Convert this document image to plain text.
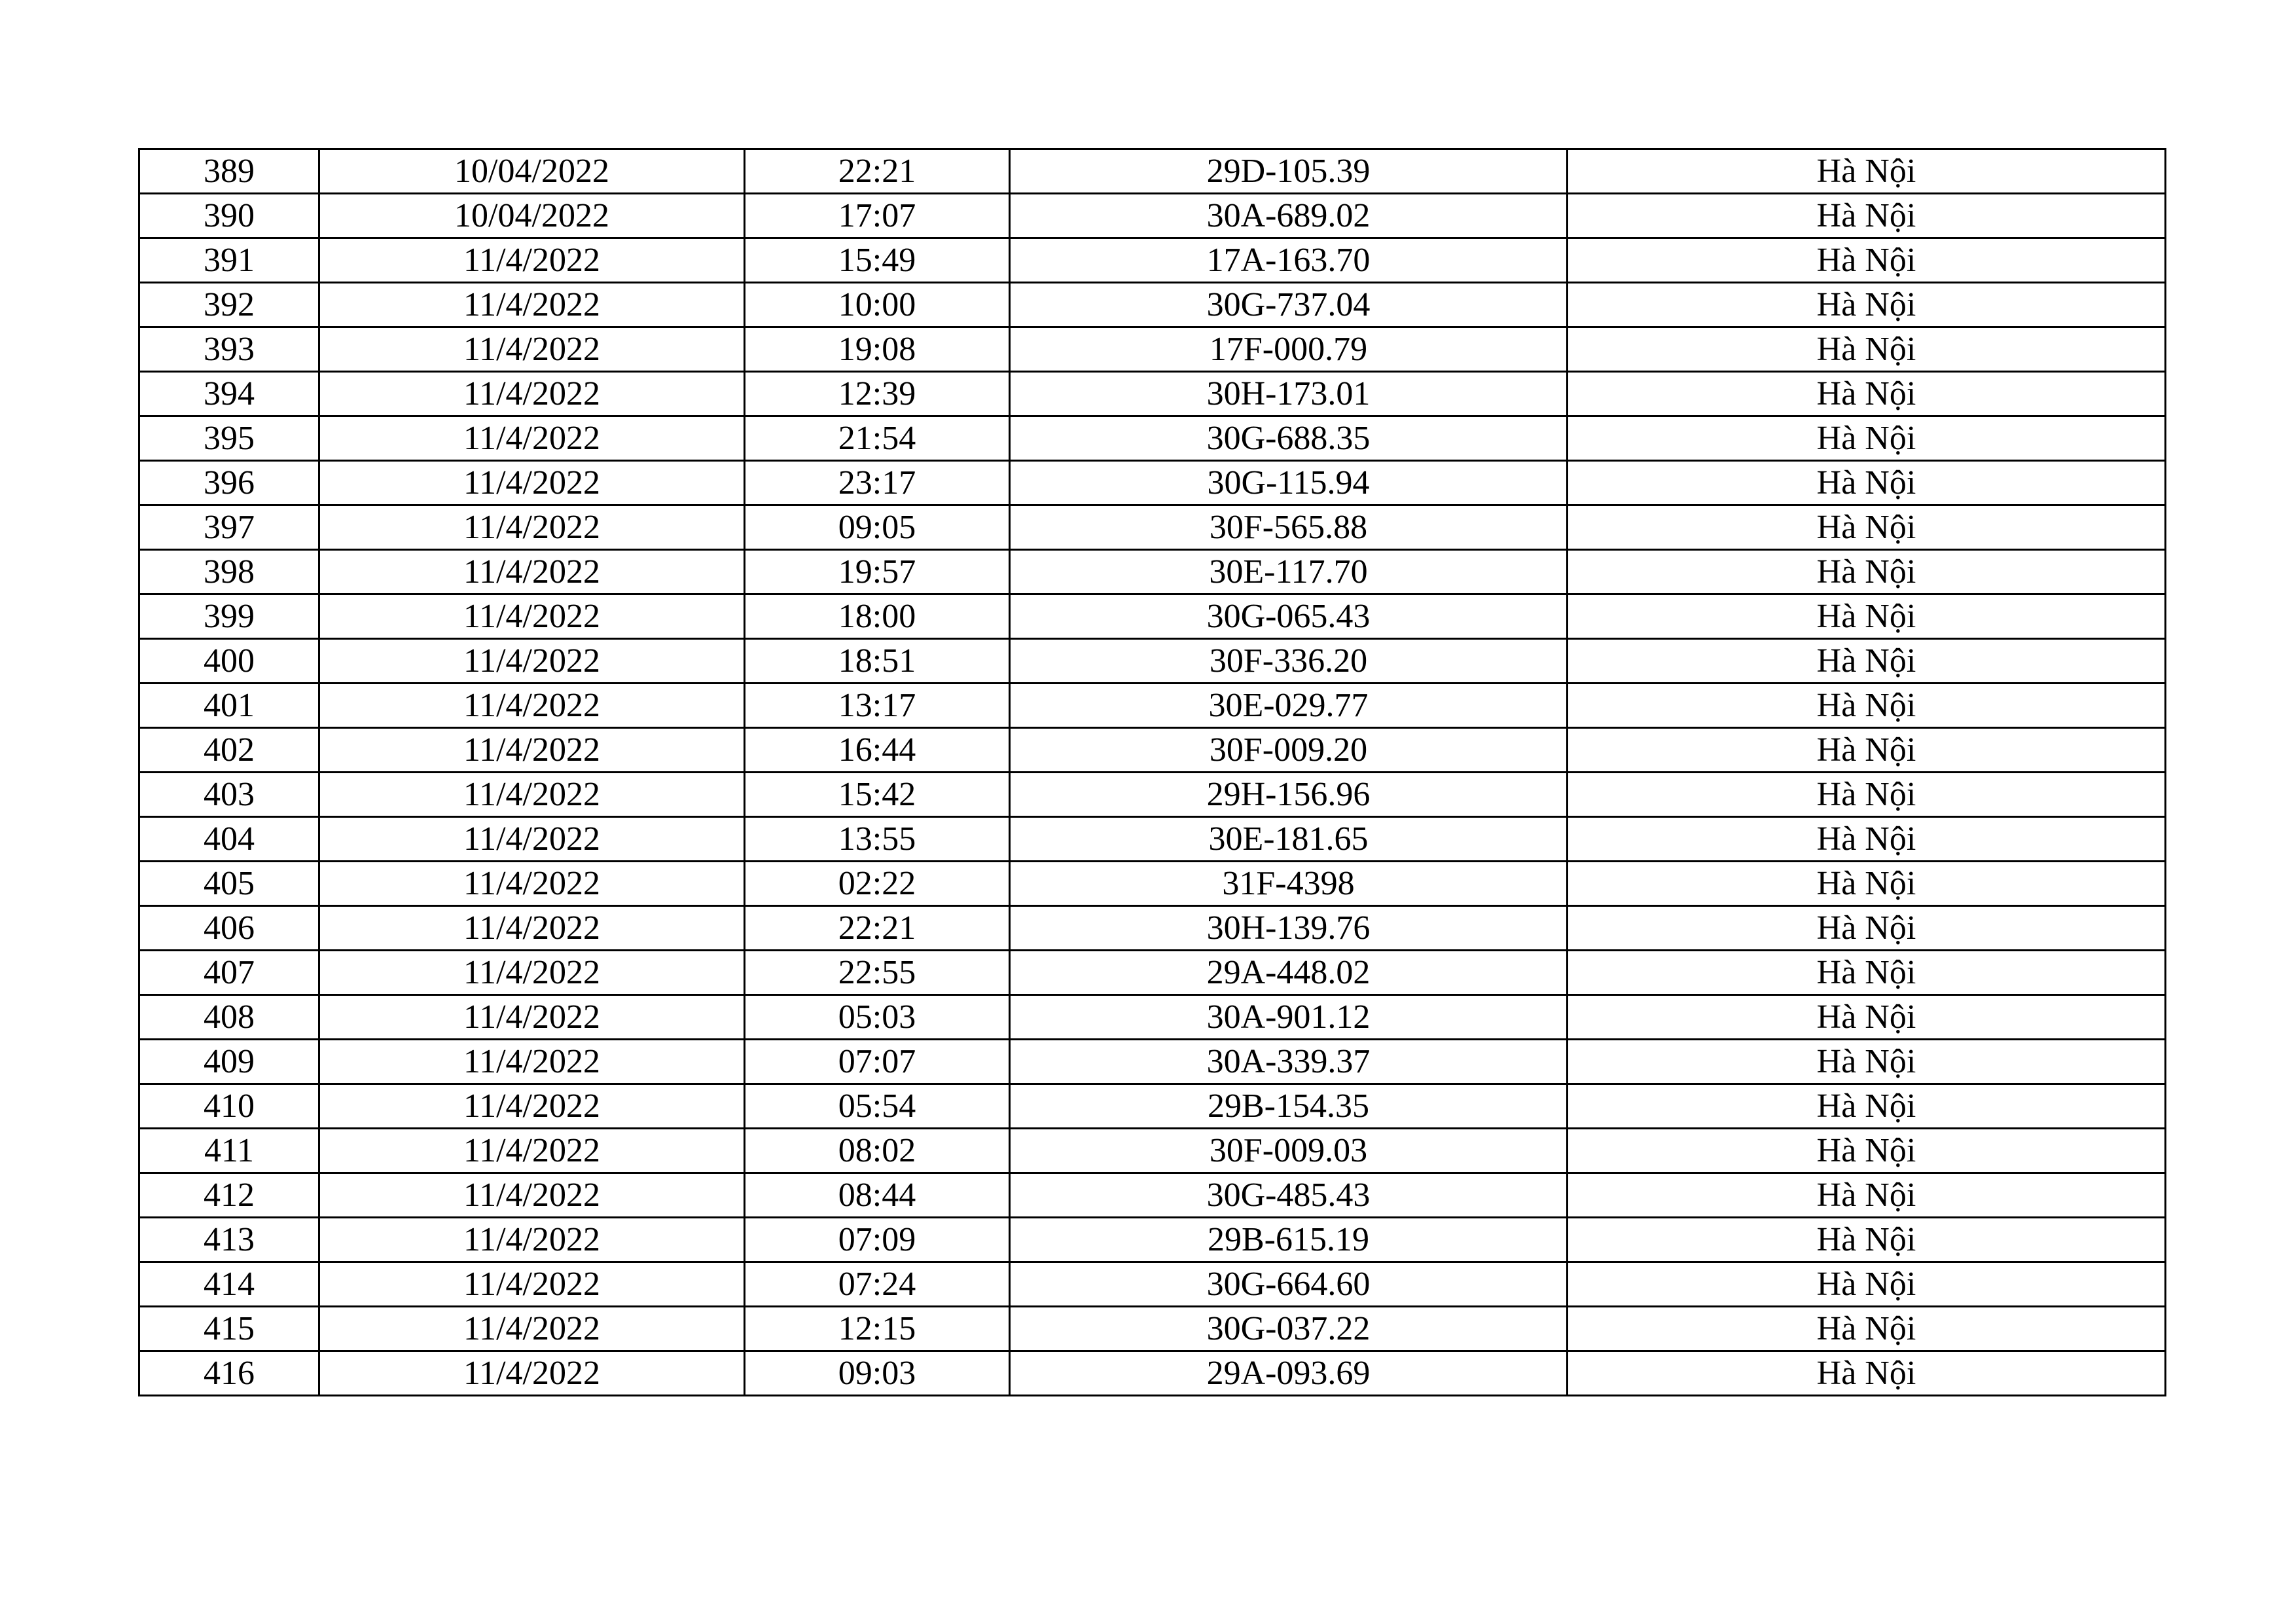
389	10/04/2022	22:21	29D-105.39	Hà Nội
390	10/04/2022	17:07	30A-689.02	Hà Nội
391	11/4/2022	15:49	17A-163.70	Hà Nội
392	11/4/2022	10:00	30G-737.04	Hà Nội
393	11/4/2022	19:08	17F-000.79	Hà Nội
394	11/4/2022	12:39	30H-173.01	Hà Nội
395	11/4/2022	21:54	30G-688.35	Hà Nội
396	11/4/2022	23:17	30G-115.94	Hà Nội
397	11/4/2022	09:05	30F-565.88	Hà Nội
398	11/4/2022	19:57	30E-117.70	Hà Nội
399	11/4/2022	18:00	30G-065.43	Hà Nội
400	11/4/2022	18:51	30F-336.20	Hà Nội
401	11/4/2022	13:17	30E-029.77	Hà Nội
402	11/4/2022	16:44	30F-009.20	Hà Nội
403	11/4/2022	15:42	29H-156.96	Hà Nội
404	11/4/2022	13:55	30E-181.65	Hà Nội
405	11/4/2022	02:22	31F-4398	Hà Nội
406	11/4/2022	22:21	30H-139.76	Hà Nội
407	11/4/2022	22:55	29A-448.02	Hà Nội
408	11/4/2022	05:03	30A-901.12	Hà Nội
409	11/4/2022	07:07	30A-339.37	Hà Nội
410	11/4/2022	05:54	29B-154.35	Hà Nội
411	11/4/2022	08:02	30F-009.03	Hà Nội
412	11/4/2022	08:44	30G-485.43	Hà Nội
413	11/4/2022	07:09	29B-615.19	Hà Nội
414	11/4/2022	07:24	30G-664.60	Hà Nội
415	11/4/2022	12:15	30G-037.22	Hà Nội
416	11/4/2022	09:03	29A-093.69	Hà Nội
